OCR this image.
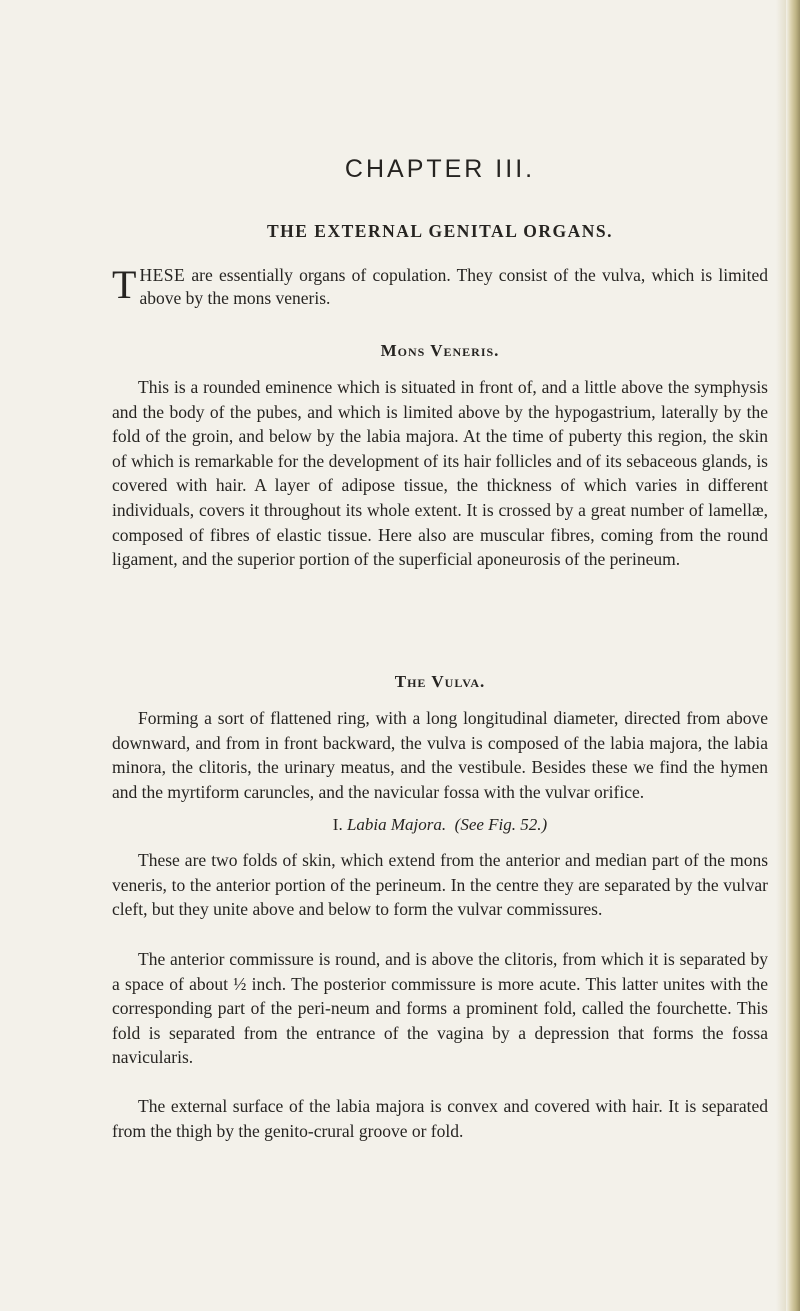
CHAPTER III.
THE EXTERNAL GENITAL ORGANS.
THESE are essentially organs of copulation. They consist of the vulva, which is limited above by the mons veneris.
Mons Veneris.

This is a rounded eminence which is situated in front of, and a little above the symphysis and the body of the pubes, and which is limited above by the hypogastrium, laterally by the fold of the groin, and below by the labia majora. At the time of puberty this region, the skin of which is remarkable for the development of its hair follicles and of its sebaceous glands, is covered with hair. A layer of adipose tissue, the thickness of which varies in different individuals, covers it throughout its whole extent. It is crossed by a great number of lamellæ, composed of fibres of elastic tissue. Here also are muscular fibres, coming from the round ligament, and the superior portion of the superficial aponeurosis of the perineum.

The Vulva.

Forming a sort of flattened ring, with a long longitudinal diameter, directed from above downward, and from in front backward, the vulva is composed of the labia majora, the labia minora, the clitoris, the urinary meatus, and the vestibule. Besides these we find the hymen and the myrtiform caruncles, and the navicular fossa with the vulvar orifice.

I. Labia Majora. (See Fig. 52.)

These are two folds of skin, which extend from the anterior and median part of the mons veneris, to the anterior portion of the perineum. In the centre they are separated by the vulvar cleft, but they unite above and below to form the vulvar commissures.

The anterior commissure is round, and is above the clitoris, from which it is separated by a space of about ½ inch. The posterior commissure is more acute. This latter unites with the corresponding part of the peri-neum and forms a prominent fold, called the fourchette. This fold is separated from the entrance of the vagina by a depression that forms the fossa navicularis.

The external surface of the labia majora is convex and covered with hair. It is separated from the thigh by the genito-crural groove or fold.
